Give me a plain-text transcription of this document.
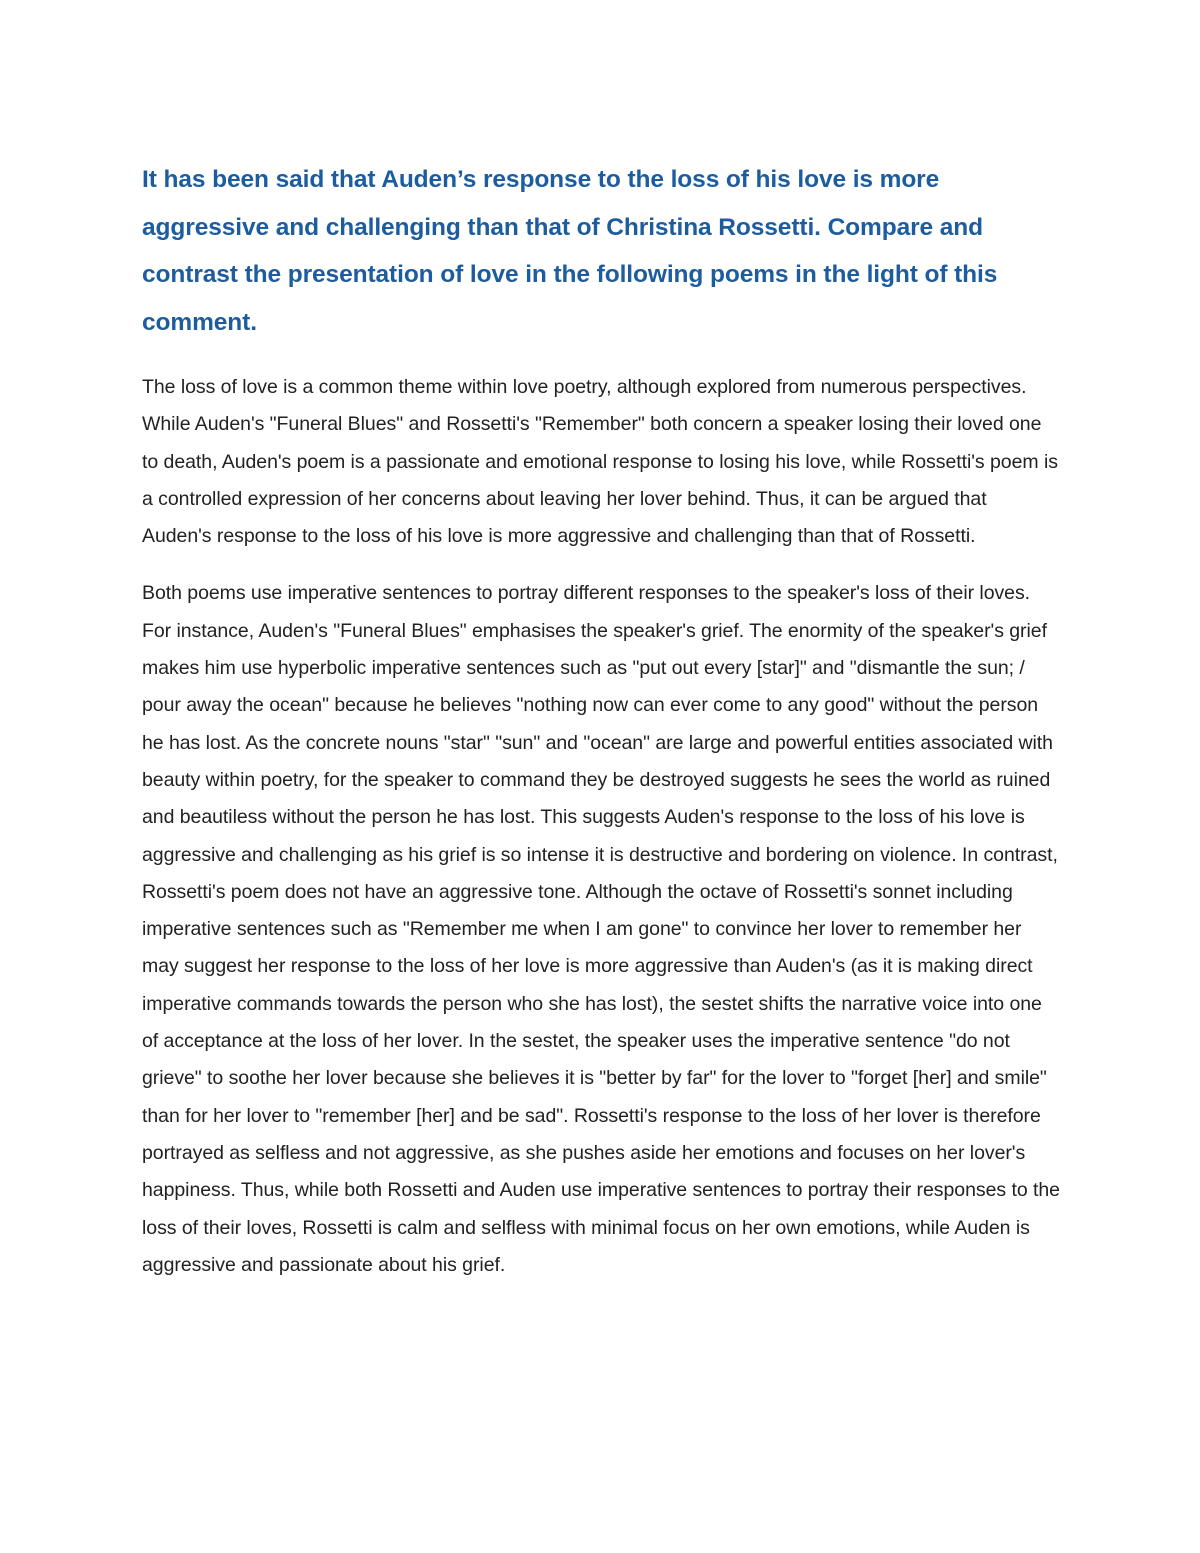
It has been said that Auden’s response to the loss of his love is more aggressive and challenging than that of Christina Rossetti. Compare and contrast the presentation of love in the following poems in the light of this comment.

The loss of love is a common theme within love poetry, although explored from numerous perspectives. While Auden's "Funeral Blues" and Rossetti's "Remember" both concern a speaker losing their loved one to death, Auden's poem is a passionate and emotional response to losing his love, while Rossetti's poem is a controlled expression of her concerns about leaving her lover behind. Thus, it can be argued that Auden's response to the loss of his love is more aggressive and challenging than that of Rossetti.

Both poems use imperative sentences to portray different responses to the speaker's loss of their loves. For instance, Auden's "Funeral Blues" emphasises the speaker's grief. The enormity of the speaker's grief makes him use hyperbolic imperative sentences such as "put out every [star]" and "dismantle the sun; / pour away the ocean" because he believes "nothing now can ever come to any good" without the person he has lost. As the concrete nouns "star" "sun" and "ocean" are large and powerful entities associated with beauty within poetry, for the speaker to command they be destroyed suggests he sees the world as ruined and beautiless without the person he has lost. This suggests Auden's response to the loss of his love is aggressive and challenging as his grief is so intense it is destructive and bordering on violence. In contrast, Rossetti's poem does not have an aggressive tone. Although the octave of Rossetti's sonnet including imperative sentences such as "Remember me when I am gone" to convince her lover to remember her may suggest her response to the loss of her love is more aggressive than Auden's (as it is making direct imperative commands towards the person who she has lost), the sestet shifts the narrative voice into one of acceptance at the loss of her lover. In the sestet, the speaker uses the imperative sentence "do not grieve" to soothe her lover because she believes it is "better by far" for the lover to "forget [her] and smile" than for her lover to "remember [her] and be sad". Rossetti's response to the loss of her lover is therefore portrayed as selfless and not aggressive, as she pushes aside her emotions and focuses on her lover's happiness. Thus, while both Rossetti and Auden use imperative sentences to portray their responses to the loss of their loves, Rossetti is calm and selfless with minimal focus on her own emotions, while Auden is aggressive and passionate about his grief.
